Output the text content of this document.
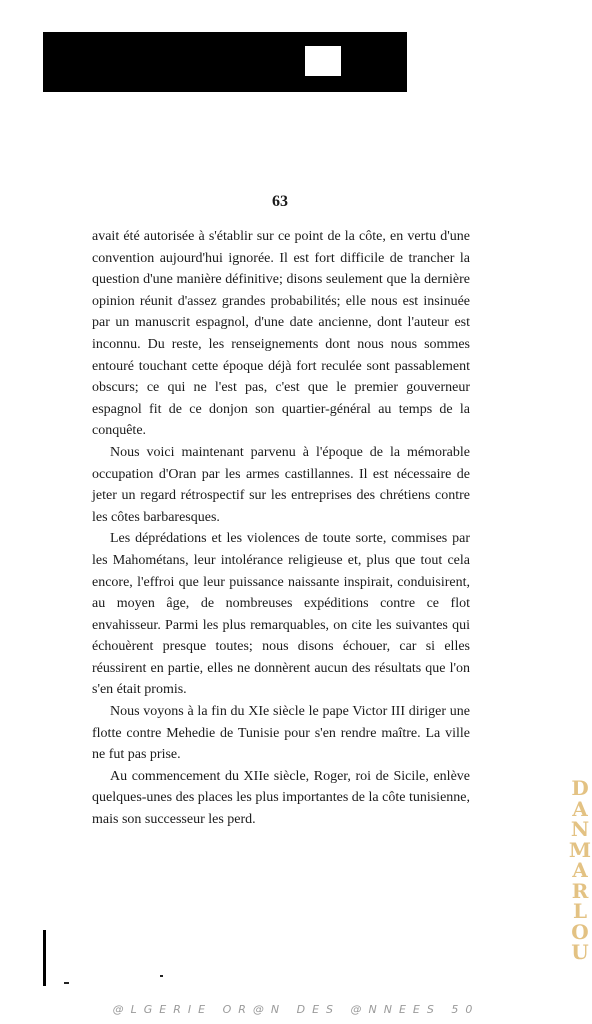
63

avait été autorisée à s'établir sur ce point de la côte, en vertu d'une convention aujourd'hui ignorée. Il est fort difficile de trancher la question d'une manière définitive; disons seulement que la dernière opinion réunit d'assez grandes probabilités; elle nous est insinuée par un manuscrit espagnol, d'une date ancienne, dont l'auteur est inconnu. Du reste, les renseignements dont nous nous sommes entouré touchant cette époque déjà fort reculée sont passablement obscurs; ce qui ne l'est pas, c'est que le premier gouverneur espagnol fit de ce donjon son quartier-général au temps de la conquête.

Nous voici maintenant parvenu à l'époque de la mémorable occupation d'Oran par les armes castillannes. Il est nécessaire de jeter un regard rétrospectif sur les entreprises des chrétiens contre les côtes barbaresques.

Les déprédations et les violences de toute sorte, commises par les Mahométans, leur intolérance religieuse et, plus que tout cela encore, l'effroi que leur puissance naissante inspirait, conduisirent, au moyen âge, de nombreuses expéditions contre ce flot envahisseur. Parmi les plus remarquables, on cite les suivantes qui échouèrent presque toutes; nous disons échouer, car si elles réussirent en partie, elles ne donnèrent aucun des résultats que l'on s'en était promis.

Nous voyons à la fin du XIe siècle le pape Victor III diriger une flotte contre Mehedie de Tunisie pour s'en rendre maître. La ville ne fut pas prise.

Au commencement du XIIe siècle, Roger, roi de Sicile, enlève quelques-unes des places les plus importantes de la côte tunisienne, mais son successeur les perd.

D
A
N
M
A
R
L
O
U
@LGERIE OR@N DES @NNEES 50
